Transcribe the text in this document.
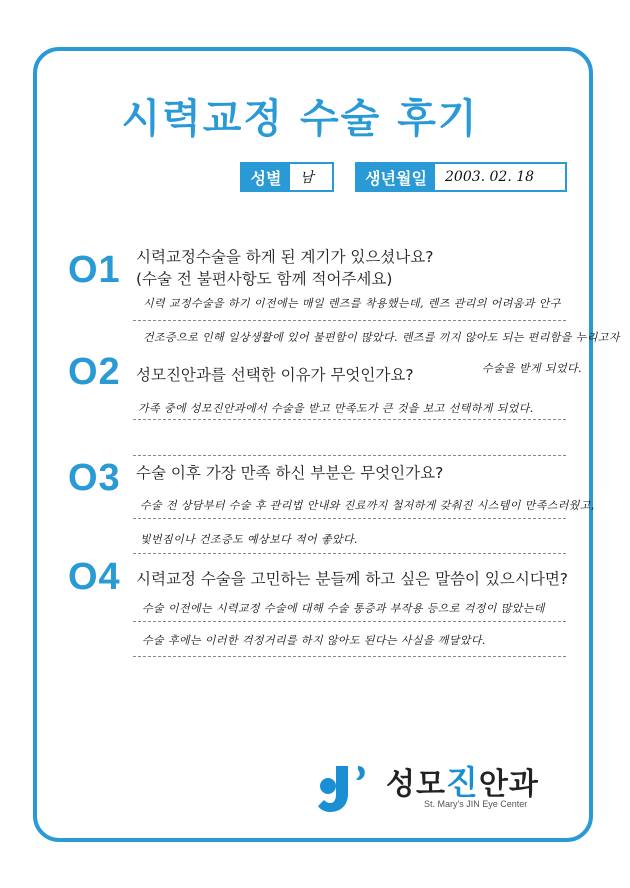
시력교정 수술 후기
성별	남	생년월일	2003. 02. 18
O1 시력교정수술을 하게 된 계기가 있으셨나요?
(수술 전 불편사항도 함께 적어주세요)
시력 교정수술을 하기 이전에는 매일 렌즈를 착용했는데, 렌즈 관리의 어려움과 안구
건조증으로 인해 일상생활에 있어 불편함이 많았다. 렌즈를 끼지 않아도 되는 편리함을 누리고자
수술을 받게 되었다.
O2 성모진안과를 선택한 이유가 무엇인가요?
가족 중에 성모진안과에서 수술을 받고 만족도가 큰 것을 보고 선택하게 되었다.
O3 수술 이후 가장 만족 하신 부분은 무엇인가요?
수술 전 상담부터 수술 후 관리법 안내와 진료까지 철저하게 갖춰진 시스템이 만족스러웠고,
빛번짐이나 건조증도 예상보다 적어 좋았다.
O4 시력교정 수술을 고민하는 분들께 하고 싶은 말씀이 있으시다면?
수술 이전에는 시력교정 수술에 대해 수술 통증과 부작용 등으로 걱정이 많았는데
수술 후에는 이러한 걱정거리를 하지 않아도 된다는 사실을 깨달았다.
성모진안과
St. Mary's JIN Eye Center
